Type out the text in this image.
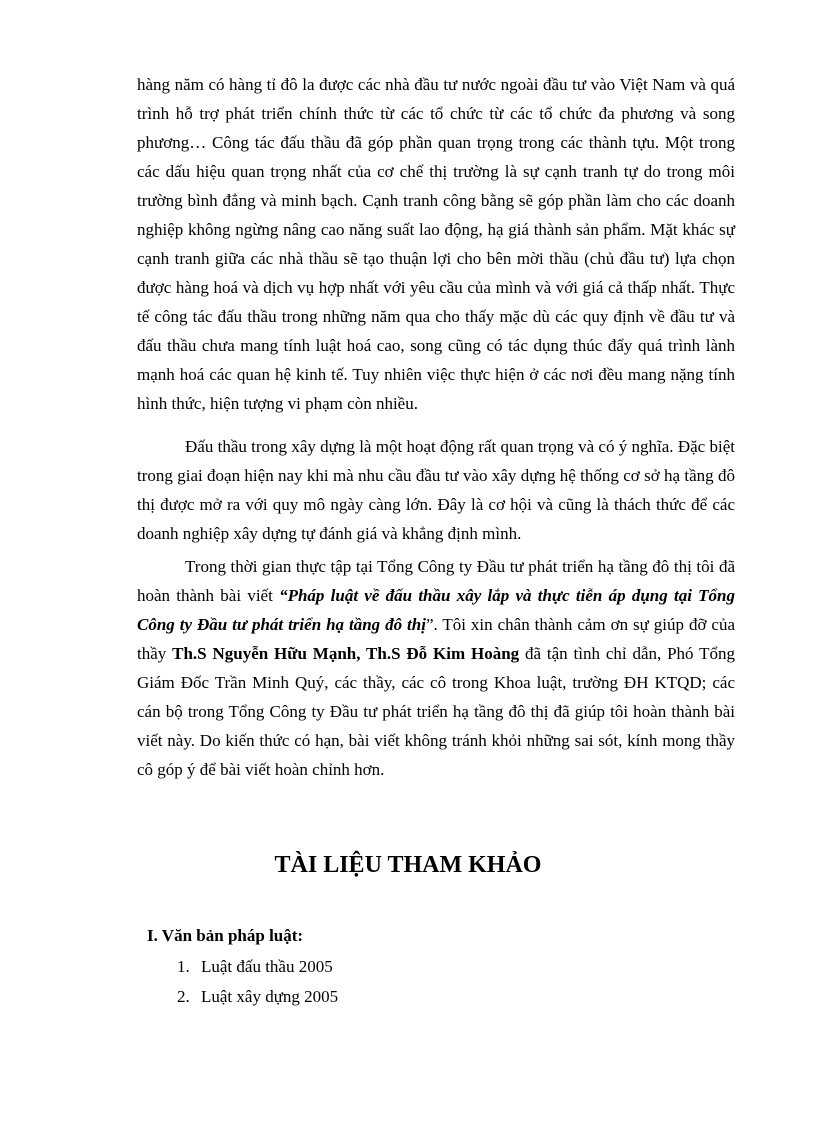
hàng năm có hàng tỉ đô la được các nhà đầu tư nước ngoài đầu tư vào Việt Nam và quá trình hỗ trợ phát triển chính thức từ các tổ chức từ các tổ chức đa phương và song phương… Công tác đấu thầu đã góp phần quan trọng trong các thành tựu. Một trong các dấu hiệu quan trọng nhất của cơ chế thị trường là sự cạnh tranh tự do trong môi trường bình đẳng và minh bạch. Cạnh tranh công bằng sẽ góp phần làm cho các doanh nghiệp không ngừng nâng cao năng suất lao động, hạ giá thành sản phẩm. Mặt khác sự cạnh tranh giữa các nhà thầu sẽ tạo thuận lợi cho bên mời thầu (chủ đầu tư) lựa chọn được hàng hoá và dịch vụ hợp nhất với yêu cầu của mình và với giá cả thấp nhất. Thực tế công tác đấu thầu trong những năm qua cho thấy mặc dù các quy định về đầu tư và đấu thầu chưa mang tính luật hoá cao, song cũng có tác dụng thúc đẩy quá trình lành mạnh hoá các quan hệ kinh tế. Tuy nhiên việc thực hiện ở các nơi đều mang nặng tính hình thức, hiện tượng vi phạm còn nhiều.

Đấu thầu trong xây dựng là một hoạt động rất quan trọng và có ý nghĩa. Đặc biệt trong giai đoạn hiện nay khi mà nhu cầu đầu tư vào xây dựng hệ thống cơ sở hạ tầng đô thị được mở ra với quy mô ngày càng lớn. Đây là cơ hội và cũng là thách thức để các doanh nghiệp xây dựng tự đánh giá và khẳng định mình.

Trong thời gian thực tập tại Tổng Công ty Đầu tư phát triển hạ tầng đô thị tôi đã hoàn thành bài viết “Pháp luật về đấu thầu xây lắp và thực tiễn áp dụng tại Tổng Công ty Đầu tư phát triển hạ tầng đô thị”. Tôi xin chân thành cảm ơn sự giúp đỡ của thầy Th.S Nguyễn Hữu Mạnh, Th.S Đỗ Kim Hoàng đã tận tình chỉ dẫn, Phó Tổng Giám Đốc Trần Minh Quý, các thầy, các cô trong Khoa luật, trường ĐH KTQD; các cán bộ trong Tổng Công ty Đầu tư phát triển hạ tầng đô thị đã giúp tôi hoàn thành bài viết này. Do kiến thức có hạn, bài viết không tránh khỏi những sai sót, kính mong thầy cô góp ý để bài viết hoàn chỉnh hơn.

TÀI LIỆU THAM KHẢO
I. Văn bản pháp luật:
1. Luật đấu thầu 2005
2. Luật xây dựng 2005
